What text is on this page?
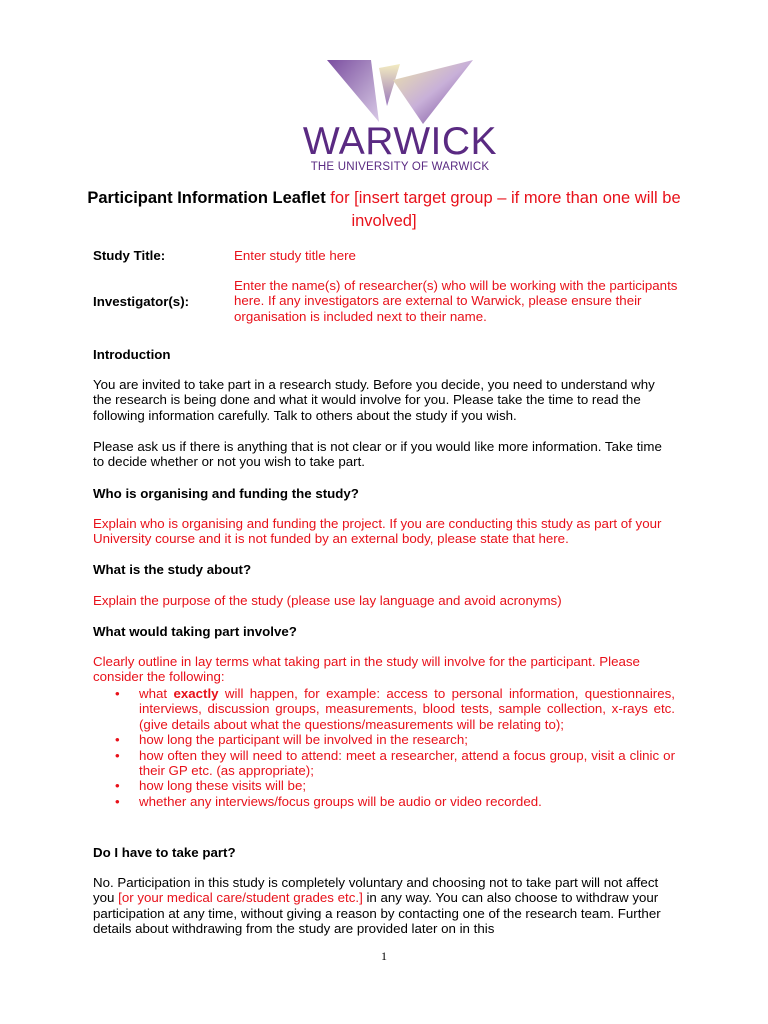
WARWICK
THE UNIVERSITY OF WARWICK
Participant Information Leaflet for [insert target group – if more than one will be involved]
Study Title:	Enter study title here
Investigator(s):
Enter the name(s) of researcher(s) who will be working with the participants here. If any investigators are external to Warwick, please ensure their organisation is included next to their name.
Introduction
You are invited to take part in a research study. Before you decide, you need to understand why the research is being done and what it would involve for you. Please take the time to read the following information carefully. Talk to others about the study if you wish.
Please ask us if there is anything that is not clear or if you would like more information. Take time to decide whether or not you wish to take part.
Who is organising and funding the study?
Explain who is organising and funding the project. If you are conducting this study as part of your University course and it is not funded by an external body, please state that here.
What is the study about?
Explain the purpose of the study (please use lay language and avoid acronyms)
What would taking part involve?
Clearly outline in lay terms what taking part in the study will involve for the participant. Please consider the following:
• what exactly will happen, for example: access to personal information, questionnaires, interviews, discussion groups, measurements, blood tests, sample collection, x-rays etc. (give details about what the questions/measurements will be relating to);
• how long the participant will be involved in the research;
• how often they will need to attend: meet a researcher, attend a focus group, visit a clinic or their GP etc. (as appropriate);
• how long these visits will be;
• whether any interviews/focus groups will be audio or video recorded.
Do I have to take part?
No. Participation in this study is completely voluntary and choosing not to take part will not affect you [or your medical care/student grades etc.] in any way. You can also choose to withdraw your participation at any time, without giving a reason by contacting one of the research team. Further details about withdrawing from the study are provided later on in this
1
